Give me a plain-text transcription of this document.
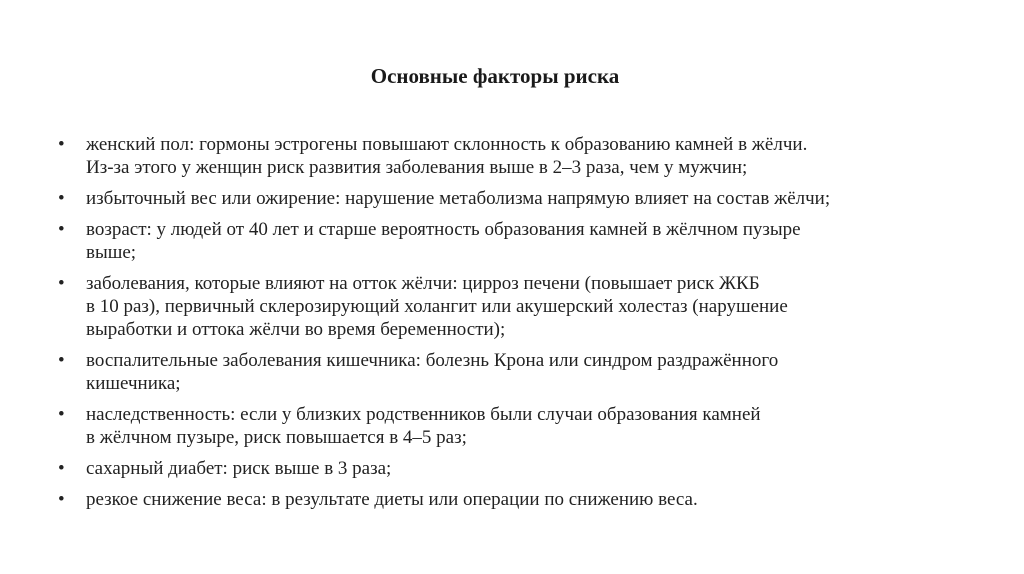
Основные факторы риска
•	женский пол: гормоны эстрогены повышают склонность к образованию камней в жёлчи.
Из-за этого у женщин риск развития заболевания выше в 2–3 раза, чем у мужчин;
•	избыточный вес или ожирение: нарушение метаболизма напрямую влияет на состав жёлчи;
•	возраст: у людей от 40 лет и старше вероятность образования камней в жёлчном пузыре
выше;
•	заболевания, которые влияют на отток жёлчи: цирроз печени (повышает риск ЖКБ
в 10 раз), первичный склерозирующий холангит или акушерский холестаз (нарушение
выработки и оттока жёлчи во время беременности);
•	воспалительные заболевания кишечника: болезнь Крона или синдром раздражённого
кишечника;
•	наследственность: если у близких родственников были случаи образования камней
в жёлчном пузыре, риск повышается в 4–5 раз;
•	сахарный диабет: риск выше в 3 раза;
•	резкое снижение веса: в результате диеты или операции по снижению веса.
